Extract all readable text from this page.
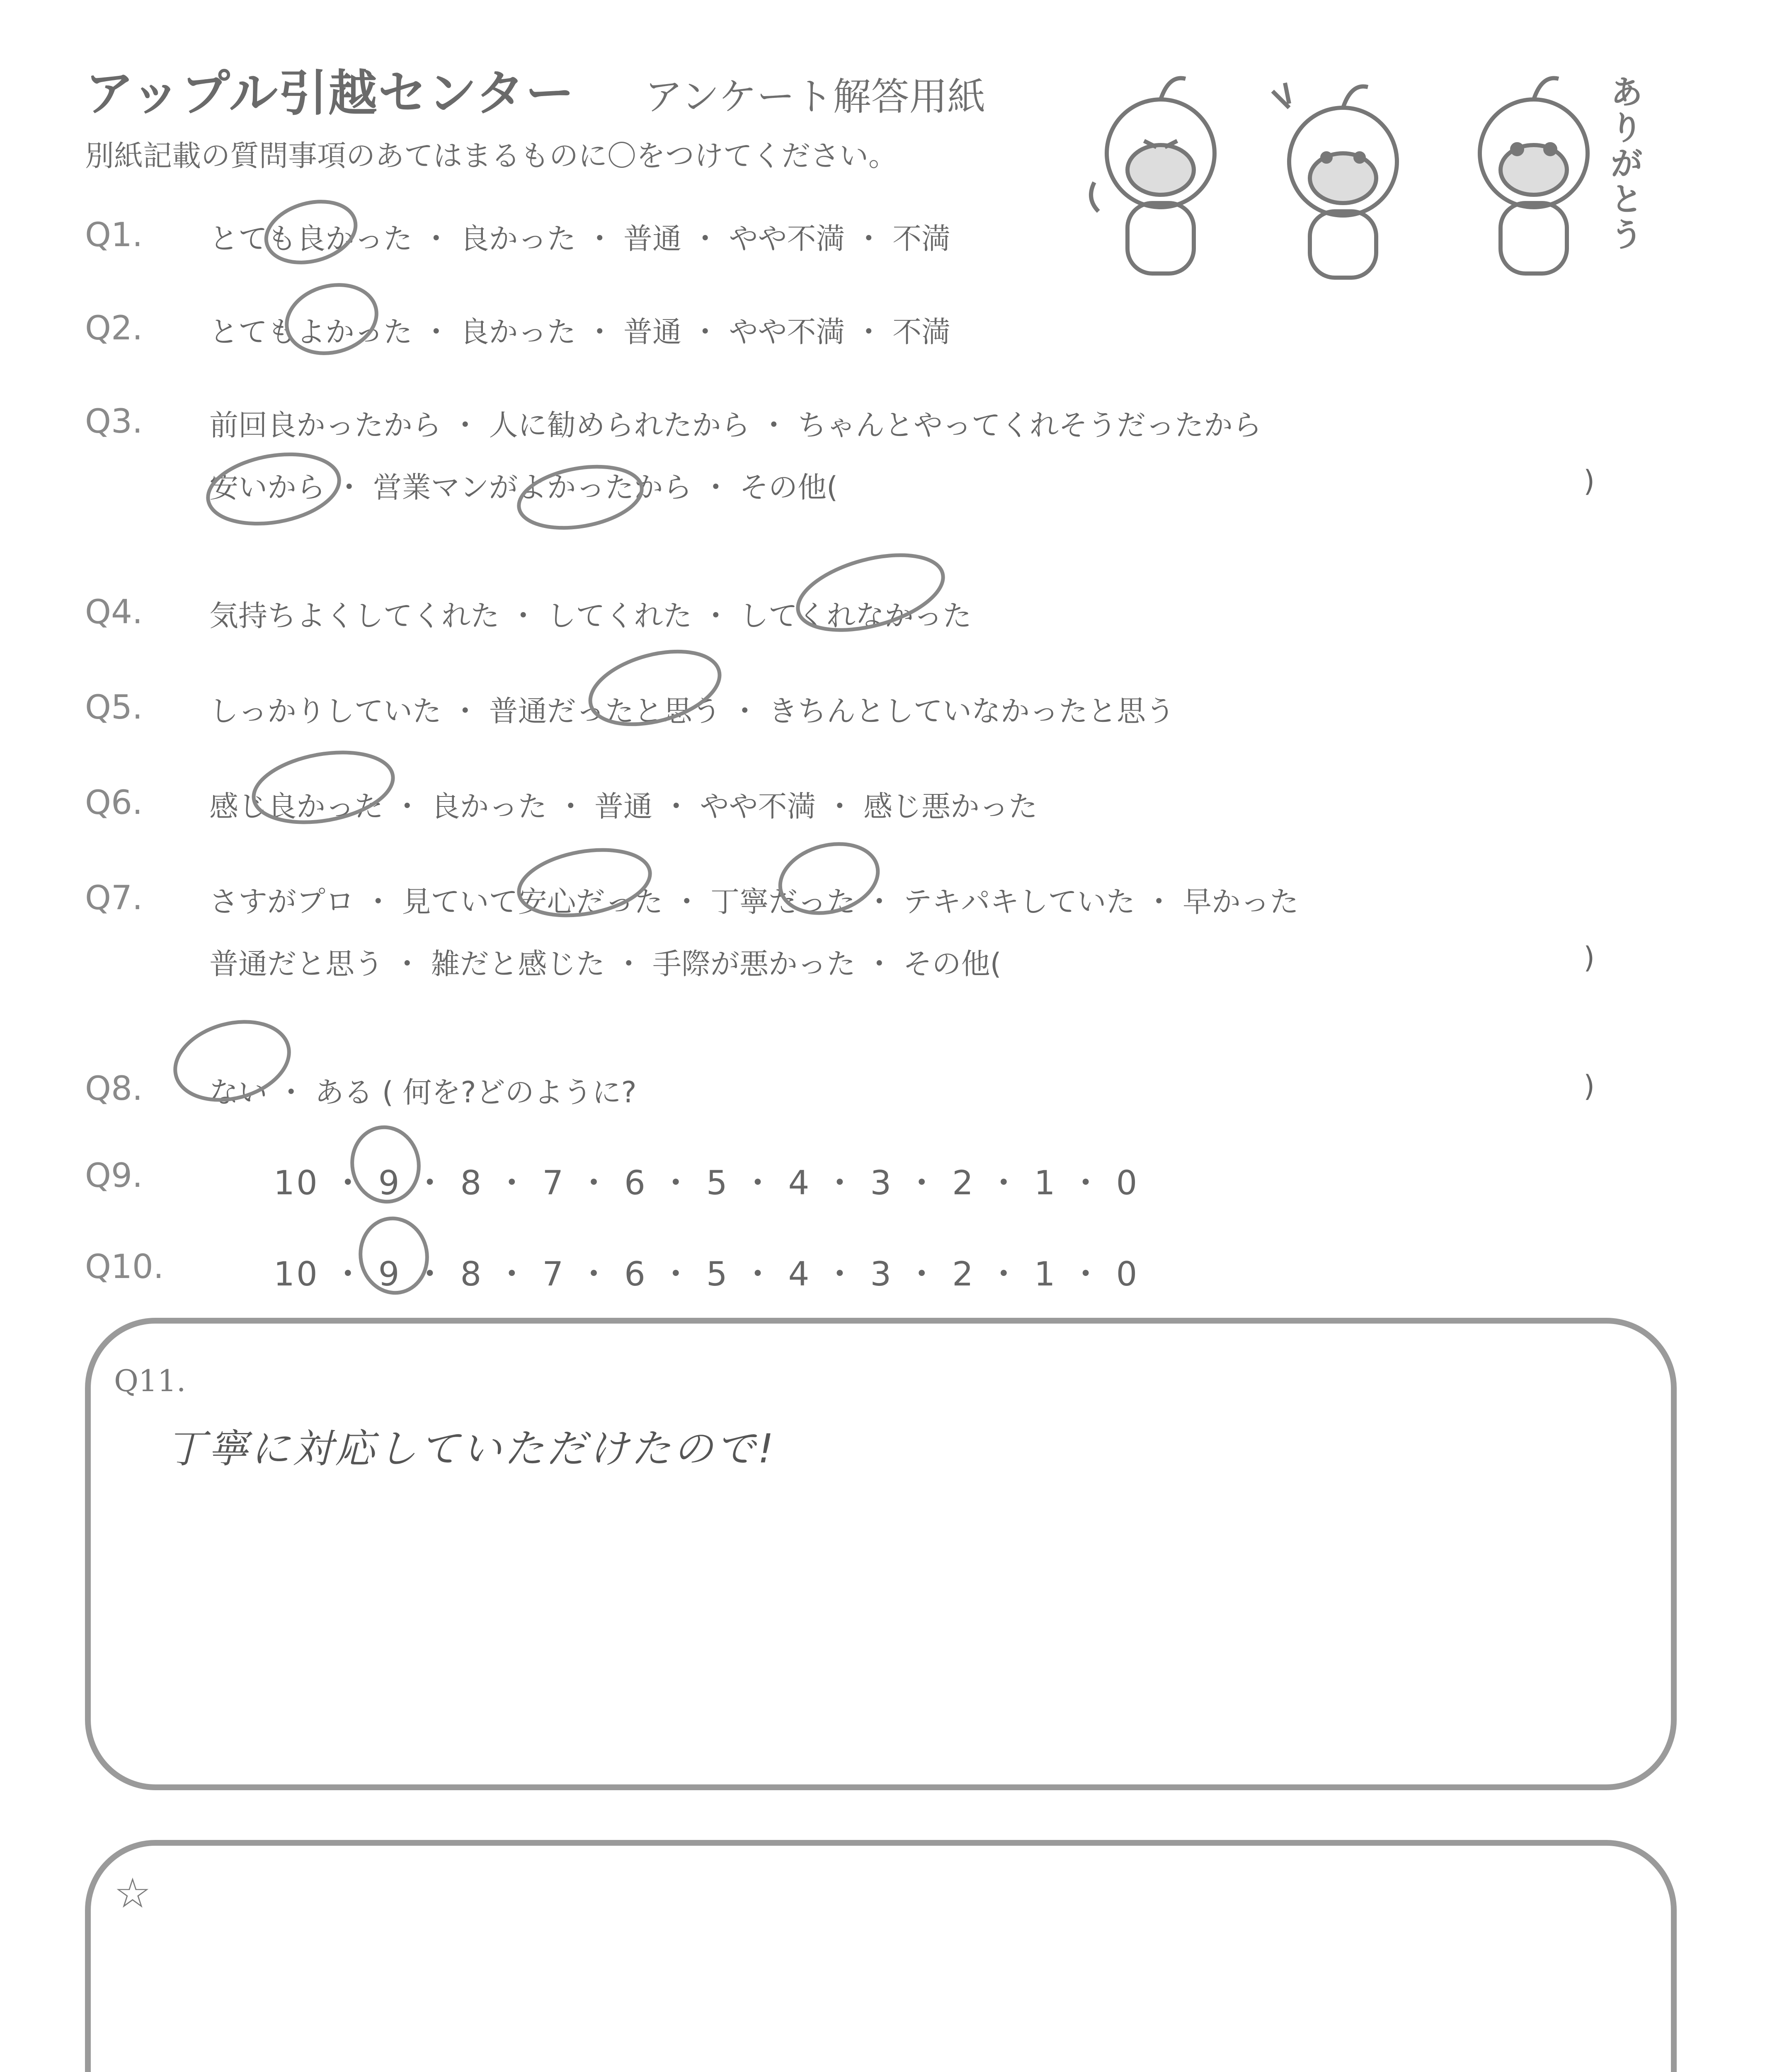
アップル引越センター アンケート解答用紙
別紙記載の質問事項のあてはまるものに〇をつけてください。	ありがとう
Q1. とても良かった ・ 良かった ・ 普通 ・ やや不満 ・ 不満
Q2. とてもよかった ・ 良かった ・ 普通 ・ やや不満 ・ 不満
Q3. 前回良かったから ・ 人に勧められたから ・ ちゃんとやってくれそうだったから
安いから ・ 営業マンがよかったから ・ その他(	)
Q4. 気持ちよくしてくれた ・ してくれた ・ してくれなかった
Q5. しっかりしていた ・ 普通だったと思う ・ きちんとしていなかったと思う
Q6. 感じ良かった ・ 良かった ・ 普通 ・ やや不満 ・ 感じ悪かった
Q7. さすがプロ ・ 見ていて安心だった ・ 丁寧だった ・ テキパキしていた ・ 早かった
普通だと思う ・ 雑だと感じた ・ 手際が悪かった ・ その他(	)
Q8. ない ・ ある ( 何を?どのように?	)
Q9.	10 ・ 9 ・ 8 ・ 7 ・ 6 ・ 5 ・ 4 ・ 3 ・ 2 ・ 1 ・ 0
Q10.	10 ・ 9 ・ 8 ・ 7 ・ 6 ・ 5 ・ 4 ・ 3 ・ 2 ・ 1 ・ 0
Q11.
丁寧に対応していただけたので!
☆
